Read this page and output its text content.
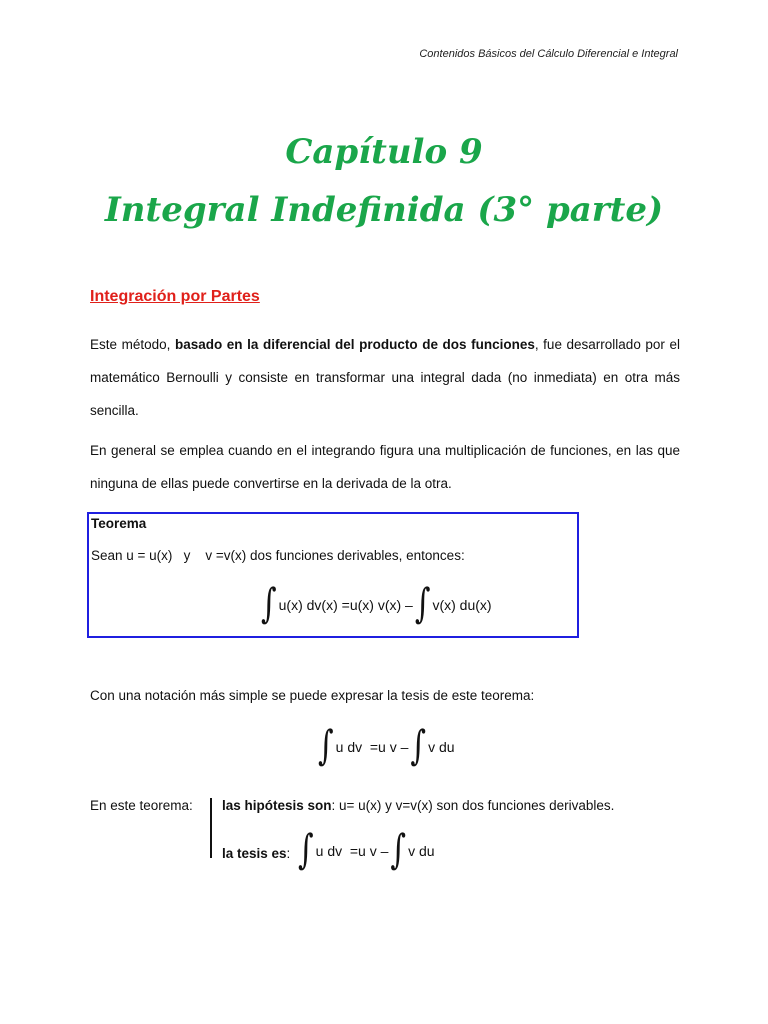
Contenidos Básicos del Cálculo Diferencial e Integral
Capítulo 9
Integral Indefinida (3° parte)
Integración por Partes
Este método, basado en la diferencial del producto de dos funciones, fue desarrollado por el matemático Bernoulli y consiste en transformar una integral dada (no inmediata) en otra más sencilla.
En general se emplea cuando en el integrando figura una multiplicación de funciones, en las que ninguna de ellas puede convertirse en la derivada de la otra.
Teorema
Sean u = u(x)   y    v =v(x) dos funciones derivables, entonces:
∫ u(x) dv(x) =u(x) v(x) – ∫ v(x) du(x)
Con una notación más simple se puede expresar la tesis de este teorema:
∫ u dv  =u v – ∫ v du
En este teorema: las hipótesis son: u= u(x) y v=v(x) son dos funciones derivables.
la tesis es: ∫ u dv  =u v – ∫ v du
